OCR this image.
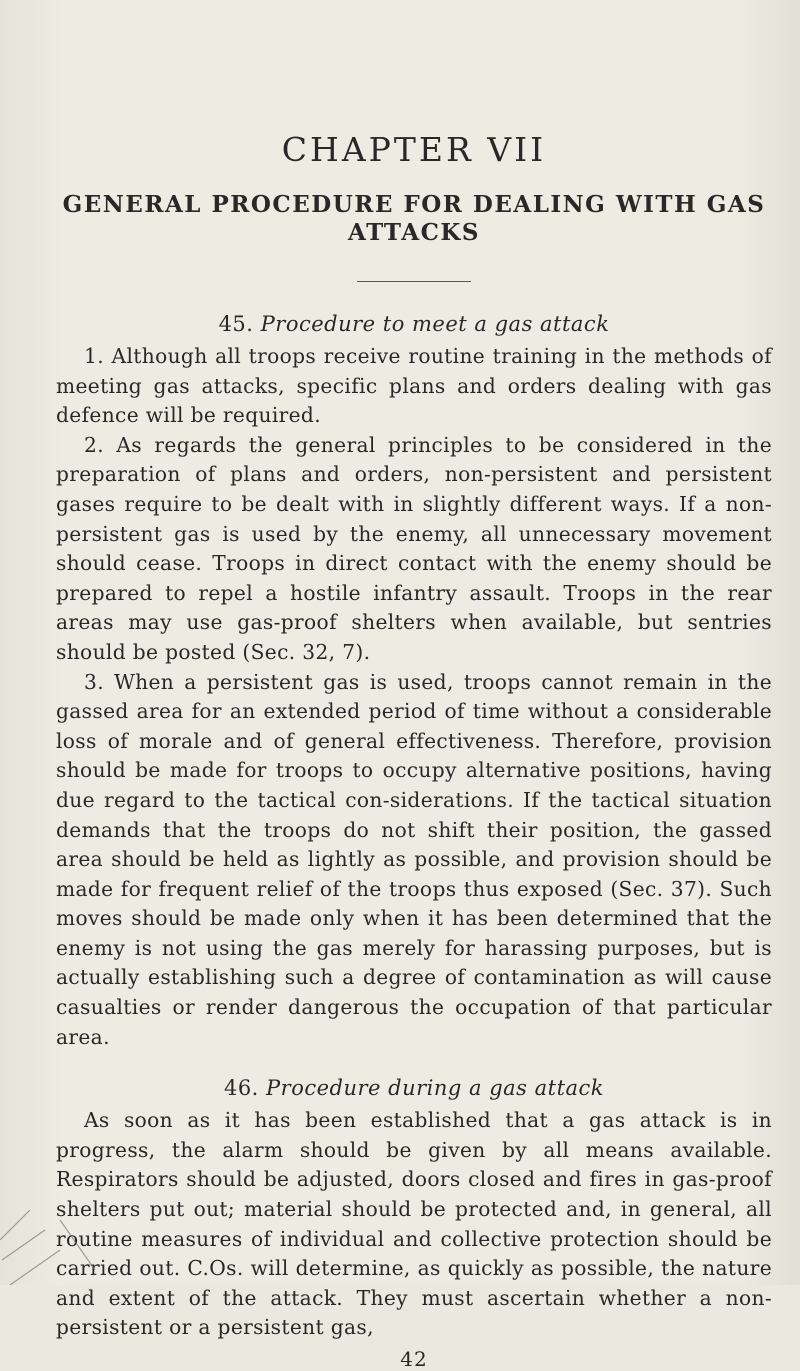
CHAPTER VII
GENERAL PROCEDURE FOR DEALING WITH GAS ATTACKS
45. Procedure to meet a gas attack

1. Although all troops receive routine training in the methods of meeting gas attacks, specific plans and orders dealing with gas defence will be required.

2. As regards the general principles to be considered in the preparation of plans and orders, non-persistent and persistent gases require to be dealt with in slightly different ways. If a non-persistent gas is used by the enemy, all unnecessary movement should cease. Troops in direct contact with the enemy should be prepared to repel a hostile infantry assault. Troops in the rear areas may use gas-proof shelters when available, but sentries should be posted (Sec. 32, 7).

3. When a persistent gas is used, troops cannot remain in the gassed area for an extended period of time without a considerable loss of morale and of general effectiveness. Therefore, provision should be made for troops to occupy alternative positions, having due regard to the tactical con-siderations. If the tactical situation demands that the troops do not shift their position, the gassed area should be held as lightly as possible, and provision should be made for frequent relief of the troops thus exposed (Sec. 37). Such moves should be made only when it has been determined that the enemy is not using the gas merely for harassing purposes, but is actually establishing such a degree of contamination as will cause casualties or render dangerous the occupation of that particular area.

46. Procedure during a gas attack

As soon as it has been established that a gas attack is in progress, the alarm should be given by all means available. Respirators should be adjusted, doors closed and fires in gas-proof shelters put out; material should be protected and, in general, all routine measures of individual and collective protection should be carried out. C.Os. will determine, as quickly as possible, the nature and extent of the attack. They must ascertain whether a non-persistent or a persistent gas,

42
